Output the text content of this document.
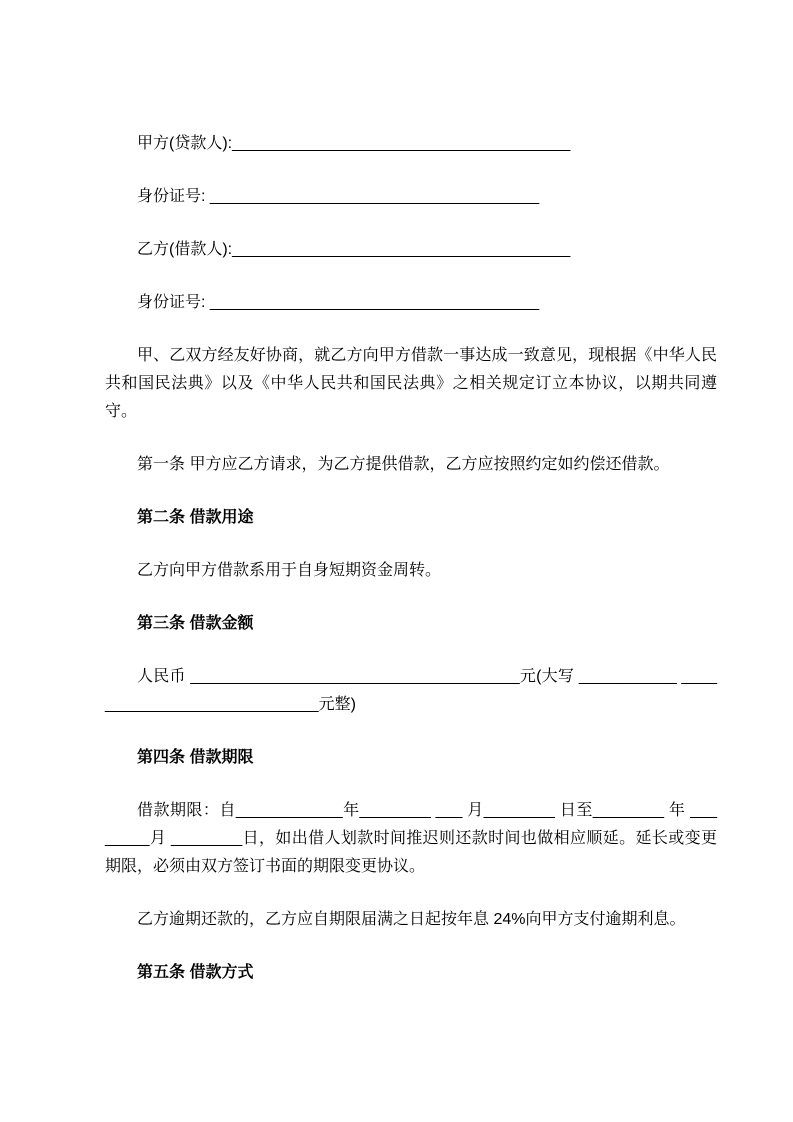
甲方(贷款人):______________________________________

身份证号: _____________________________________

乙方(借款人):______________________________________

身份证号: _____________________________________

甲、乙双方经友好协商，就乙方向甲方借款一事达成一致意见，现根据《中华人民共和国民法典》以及《中华人民共和国民法典》之相关规定订立本协议，以期共同遵守。

第一条 甲方应乙方请求，为乙方提供借款，乙方应按照约定如约偿还借款。

第二条 借款用途

乙方向甲方借款系用于自身短期资金周转。

第三条 借款金额

人民币 _____________________________________元(大写 ___________ ____________________________元整)

第四条 借款期限

借款期限：自____________年________ ___ 月________ 日至________ 年 ________月 ________日，如出借人划款时间推迟则还款时间也做相应顺延。延长或变更期限，必须由双方签订书面的期限变更协议。

乙方逾期还款的，乙方应自期限届满之日起按年息 24%向甲方支付逾期利息。

第五条 借款方式
